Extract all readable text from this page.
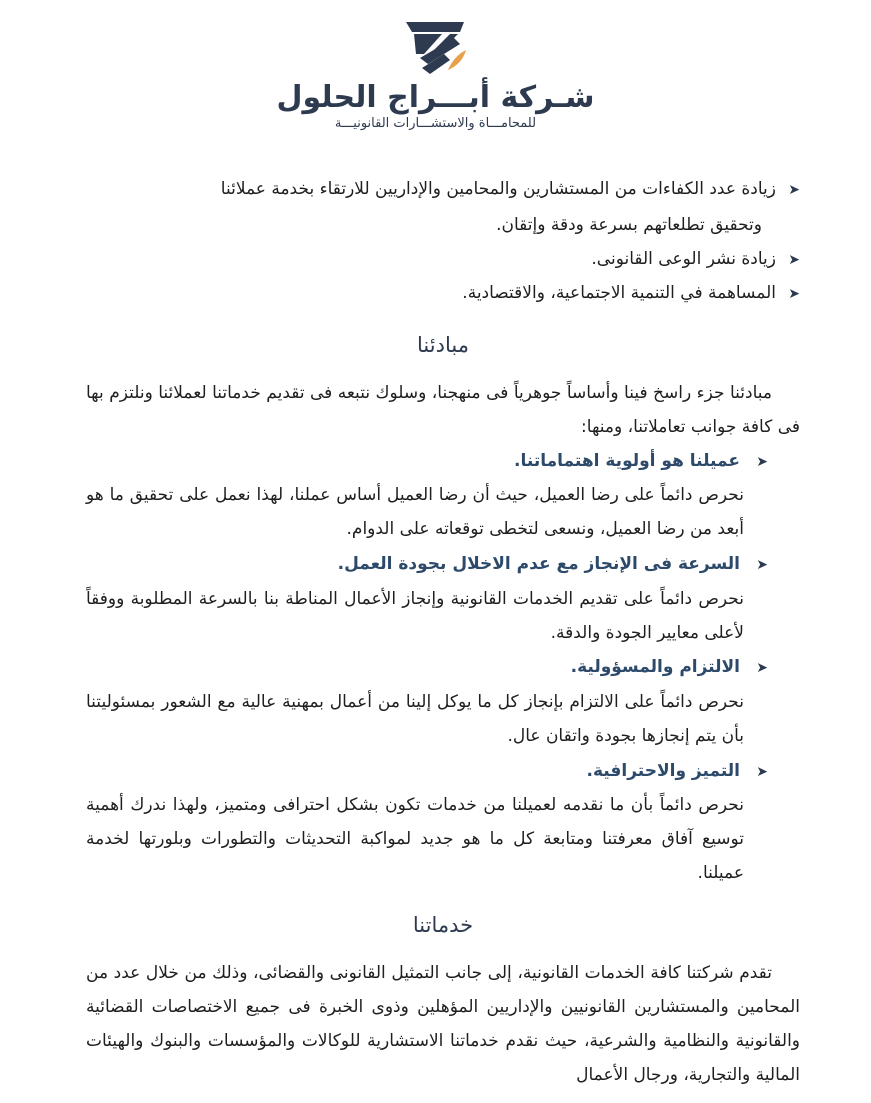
شـركة أبـــراج الحلول
للمحامـــاة والاستشـــارات القانونيـــة
➤زيادة عدد الكفاءات من المستشارين والمحامين والإداريين للارتقاء بخدمة عملائنا
وتحقيق تطلعاتهم بسرعة ودقة وإتقان.
➤زيادة نشر الوعى القانونى.
➤المساهمة في التنمية الاجتماعية، والاقتصادية.
مبادئنا
مبادئنا جزء راسخ فينا وأساساً جوهرياً فى منهجنا، وسلوك نتبعه فى تقديم خدماتنا لعملائنا ونلتزم بها فى كافة جوانب تعاملاتنا، ومنها:
➤عميلنا هو أولوية اهتماماتنا.
نحرص دائماً على رضا العميل، حيث أن رضا العميل أساس عملنا، لهذا نعمل على تحقيق ما هو أبعد من رضا العميل، ونسعى لتخطى توقعاته على الدوام.
➤السرعة فى الإنجاز مع عدم الاخلال بجودة العمل.
نحرص دائماً على تقديم الخدمات القانونية وإنجاز الأعمال المناطة بنا بالسرعة المطلوبة ووفقاً لأعلى معايير الجودة والدقة.
➤الالتزام والمسؤولية.
نحرص دائماً على الالتزام بإنجاز كل ما يوكل إلينا من أعمال بمهنية عالية مع الشعور بمسئوليتنا بأن يتم إنجازها بجودة واتقان عال.
➤التميز والاحترافية.
نحرص دائماً بأن ما نقدمه لعميلنا من خدمات تكون بشكل احترافى ومتميز، ولهذا ندرك أهمية توسيع آفاق معرفتنا ومتابعة كل ما هو جديد لمواكبة التحديثات والتطورات وبلورتها لخدمة عميلنا.
خدماتنا
تقدم شركتنا كافة الخدمات القانونية، إلى جانب التمثيل القانونى والقضائى، وذلك من خلال عدد من المحامين والمستشارين القانونيين والإداريين المؤهلين وذوى الخبرة فى جميع الاختصاصات القضائية والقانونية والنظامية والشرعية، حيث نقدم خدماتنا الاستشارية للوكالات والمؤسسات والبنوك والهيئات المالية والتجارية، ورجال الأعمال
